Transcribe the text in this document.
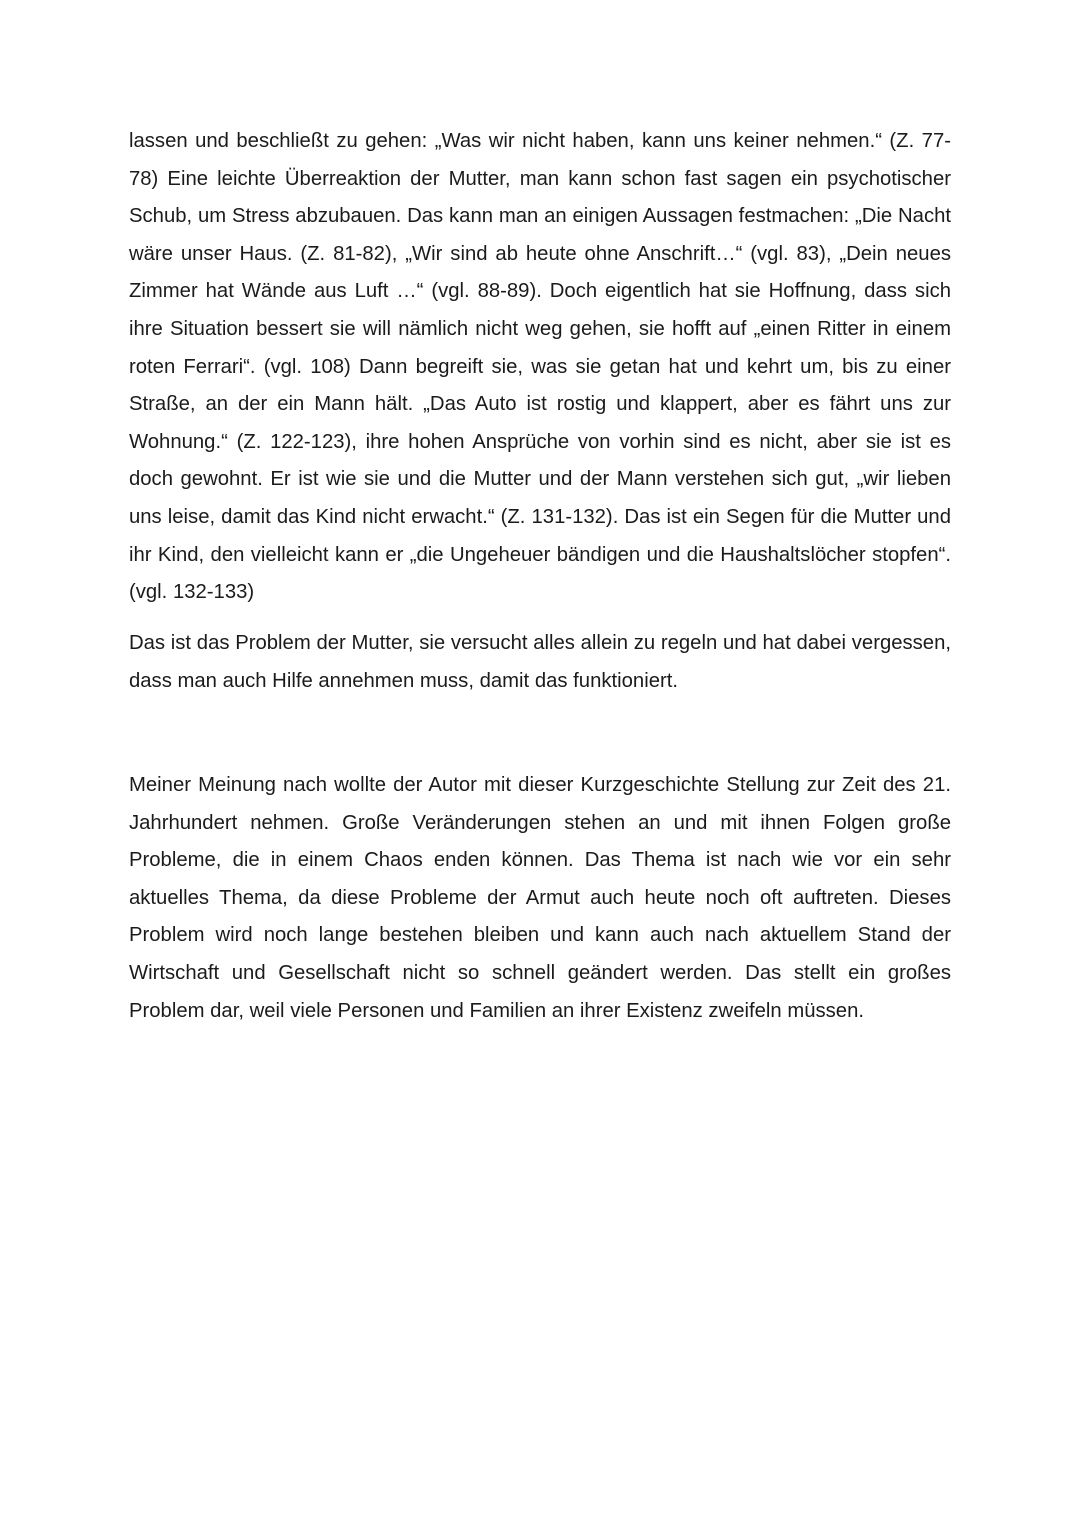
lassen und beschließt zu gehen: „Was wir nicht haben, kann uns keiner nehmen.“ (Z. 77-78) Eine leichte Überreaktion der Mutter, man kann schon fast sagen ein psychotischer Schub, um Stress abzubauen. Das kann man an einigen Aussagen festmachen: „Die Nacht wäre unser Haus. (Z. 81-82), „Wir sind ab heute ohne Anschrift…“ (vgl. 83), „Dein neues Zimmer hat Wände aus Luft …“ (vgl. 88-89). Doch eigentlich hat sie Hoffnung, dass sich ihre Situation bessert sie will nämlich nicht weg gehen, sie hofft auf „einen Ritter in einem roten Ferrari“. (vgl. 108) Dann begreift sie, was sie getan hat und kehrt um, bis zu einer Straße, an der ein Mann hält. „Das Auto ist rostig und klappert, aber es fährt uns zur Wohnung.“ (Z. 122-123), ihre hohen Ansprüche von vorhin sind es nicht, aber sie ist es doch gewohnt. Er ist wie sie und die Mutter und der Mann verstehen sich gut, „wir lieben uns leise, damit das Kind nicht erwacht.“ (Z. 131-132). Das ist ein Segen für die Mutter und ihr Kind, den vielleicht kann er „die Ungeheuer bändigen und die Haushaltslöcher stopfen“. (vgl. 132-133)

Das ist das Problem der Mutter, sie versucht alles allein zu regeln und hat dabei vergessen, dass man auch Hilfe annehmen muss, damit das funktioniert.

Meiner Meinung nach wollte der Autor mit dieser Kurzgeschichte Stellung zur Zeit des 21. Jahrhundert nehmen. Große Veränderungen stehen an und mit ihnen Folgen große Probleme, die in einem Chaos enden können. Das Thema ist nach wie vor ein sehr aktuelles Thema, da diese Probleme der Armut auch heute noch oft auftreten. Dieses Problem wird noch lange bestehen bleiben und kann auch nach aktuellem Stand der Wirtschaft und Gesellschaft nicht so schnell geändert werden. Das stellt ein großes Problem dar, weil viele Personen und Familien an ihrer Existenz zweifeln müssen.
